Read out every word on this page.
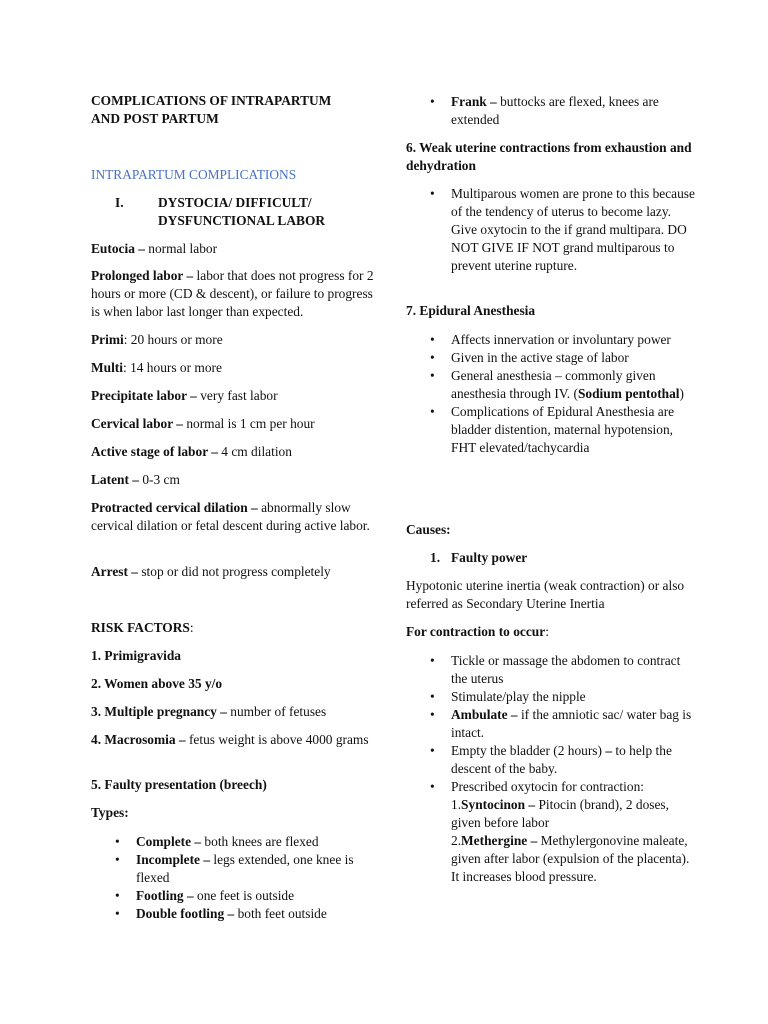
COMPLICATIONS OF INTRAPARTUM AND POST PARTUM
INTRAPARTUM COMPLICATIONS
I.	DYSTOCIA/ DIFFICULT/ DYSFUNCTIONAL LABOR
Eutocia – normal labor
Prolonged labor – labor that does not progress for 2 hours or more (CD & descent), or failure to progress is when labor last longer than expected.
Primi: 20 hours or more
Multi: 14 hours or more
Precipitate labor – very fast labor
Cervical labor – normal is 1 cm per hour
Active stage of labor – 4 cm dilation
Latent – 0-3 cm
Protracted cervical dilation – abnormally slow cervical dilation or fetal descent during active labor.
Arrest – stop or did not progress completely
RISK FACTORS:
1. Primigravida
2. Women above 35 y/o
3. Multiple pregnancy – number of fetuses
4. Macrosomia – fetus weight is above 4000 grams
5. Faulty presentation (breech)
Types:
• Complete – both knees are flexed
• Incomplete – legs extended, one knee is flexed
• Footling – one feet is outside
• Double footling – both feet outside
• Frank – buttocks are flexed, knees are extended
6. Weak uterine contractions from exhaustion and dehydration
• Multiparous women are prone to this because of the tendency of uterus to become lazy. Give oxytocin to the if grand multipara. DO NOT GIVE IF NOT grand multiparous to prevent uterine rupture.
7. Epidural Anesthesia
• Affects innervation or involuntary power
• Given in the active stage of labor
• General anesthesia – commonly given anesthesia through IV. (Sodium pentothal)
• Complications of Epidural Anesthesia are bladder distention, maternal hypotension, FHT elevated/tachycardia
Causes:
1. Faulty power
Hypotonic uterine inertia (weak contraction) or also referred as Secondary Uterine Inertia
For contraction to occur:
• Tickle or massage the abdomen to contract the uterus
• Stimulate/play the nipple
• Ambulate – if the amniotic sac/ water bag is intact.
• Empty the bladder (2 hours) – to help the descent of the baby.
• Prescribed oxytocin for contraction:
1.Syntocinon – Pitocin (brand), 2 doses, given before labor
2.Methergine – Methylergonovine maleate, given after labor (expulsion of the placenta). It increases blood pressure.
